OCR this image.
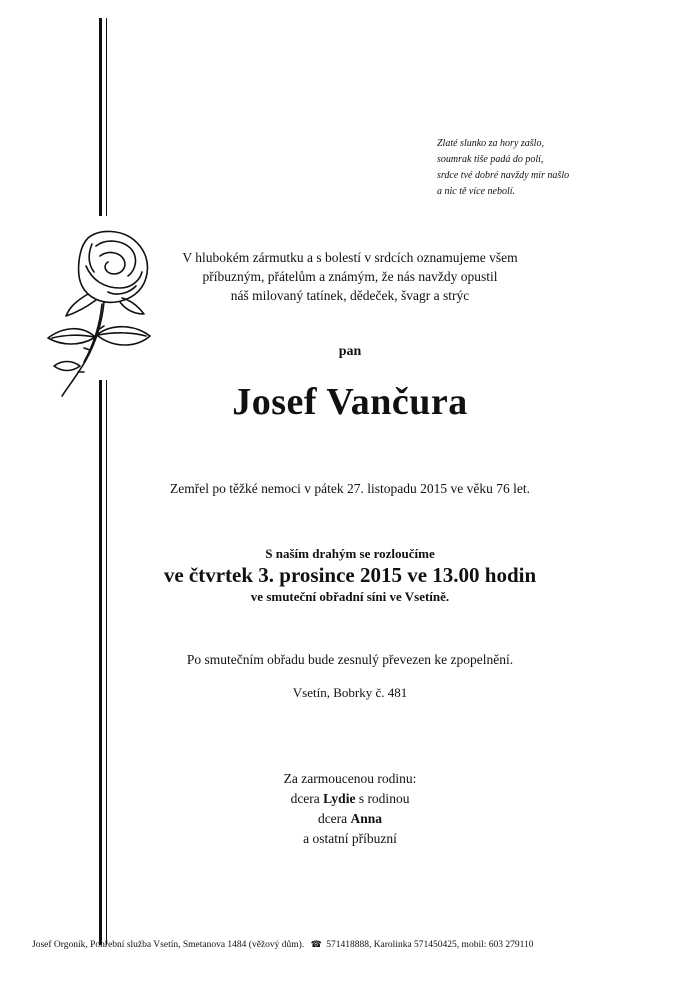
Zlaté slunko za hory zašlo,
soumrak tiše padá do polí,
srdce tvé dobré navždy mír našlo
a nic tě více nebolí.
V hlubokém zármutku a s bolestí v srdcích oznamujeme všem
příbuzným, přátelům a známým, že nás navždy opustil
náš milovaný tatínek, dědeček, švagr a strýc
pan
Josef Vančura
Zemřel po těžké nemoci v pátek 27. listopadu 2015 ve věku 76 let.
S naším drahým se rozloučíme
ve čtvrtek 3. prosince 2015 ve 13.00 hodin
ve smuteční obřadní síni ve Vsetíně.
Po smutečním obřadu bude zesnulý převezen ke zpopelnění.
Vsetín, Bobrky č. 481
Za zarmoucenou rodinu:
dcera Lydie s rodinou
dcera Anna
a ostatní příbuzní
Josef Orgoník, Pohřební služba Vsetín, Smetanova 1484 (věžový dům). ☎ 571418888, Karolinka 571450425, mobil: 603 279110
